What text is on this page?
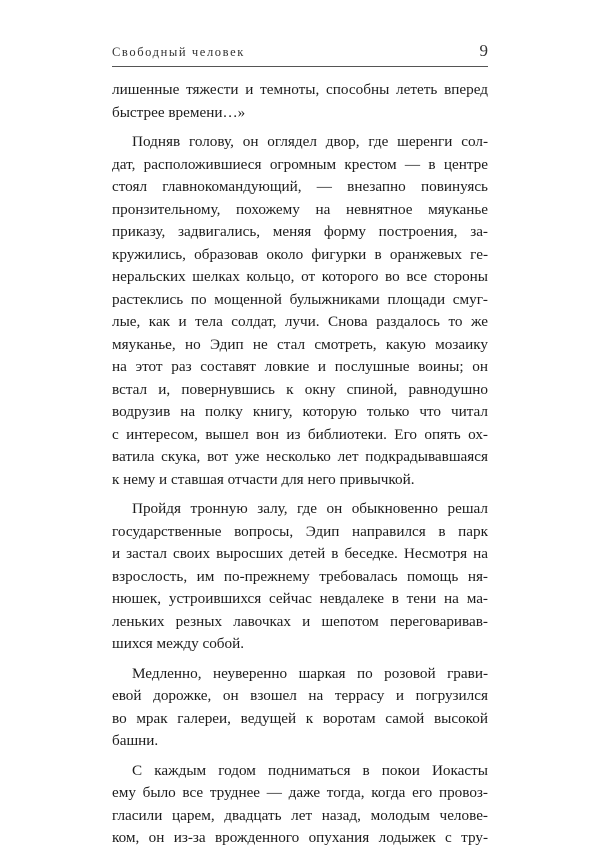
Свободный человек	9

лишенные тяжести и темноты, способны лететь вперед
быстрее времени…»

Подняв голову, он оглядел двор, где шеренги сол-
дат, расположившиеся огромным крестом — в центре
стоял главнокомандующий, — внезапно повинуясь
пронзительному, похожему на невнятное мяуканье
приказу, задвигались, меняя форму построения, за-
кружились, образовав около фигурки в оранжевых ге-
неральских шелках кольцо, от которого во все стороны
растеклись по мощенной булыжниками площади смуг-
лые, как и тела солдат, лучи. Снова раздалось то же
мяуканье, но Эдип не стал смотреть, какую мозаику
на этот раз составят ловкие и послушные воины; он
встал и, повернувшись к окну спиной, равнодушно
водрузив на полку книгу, которую только что читал
с интересом, вышел вон из библиотеки. Его опять ох-
ватила скука, вот уже несколько лет подкрадывавшаяся
к нему и ставшая отчасти для него привычкой.

Пройдя тронную залу, где он обыкновенно решал
государственные вопросы, Эдип направился в парк
и застал своих выросших детей в беседке. Несмотря на
взрослость, им по-прежнему требовалась помощь ня-
нюшек, устроившихся сейчас невдалеке в тени на ма-
леньких резных лавочках и шепотом переговаривав-
шихся между собой.

Медленно, неуверенно шаркая по розовой грави-
евой дорожке, он взошел на террасу и погрузился
во мрак галереи, ведущей к воротам самой высокой
башни.

С каждым годом подниматься в покои Иокасты
ему было все труднее — даже тогда, когда его провоз-
гласили царем, двадцать лет назад, молодым челове-
ком, он из-за врожденного опухания лодыжек с тру-
